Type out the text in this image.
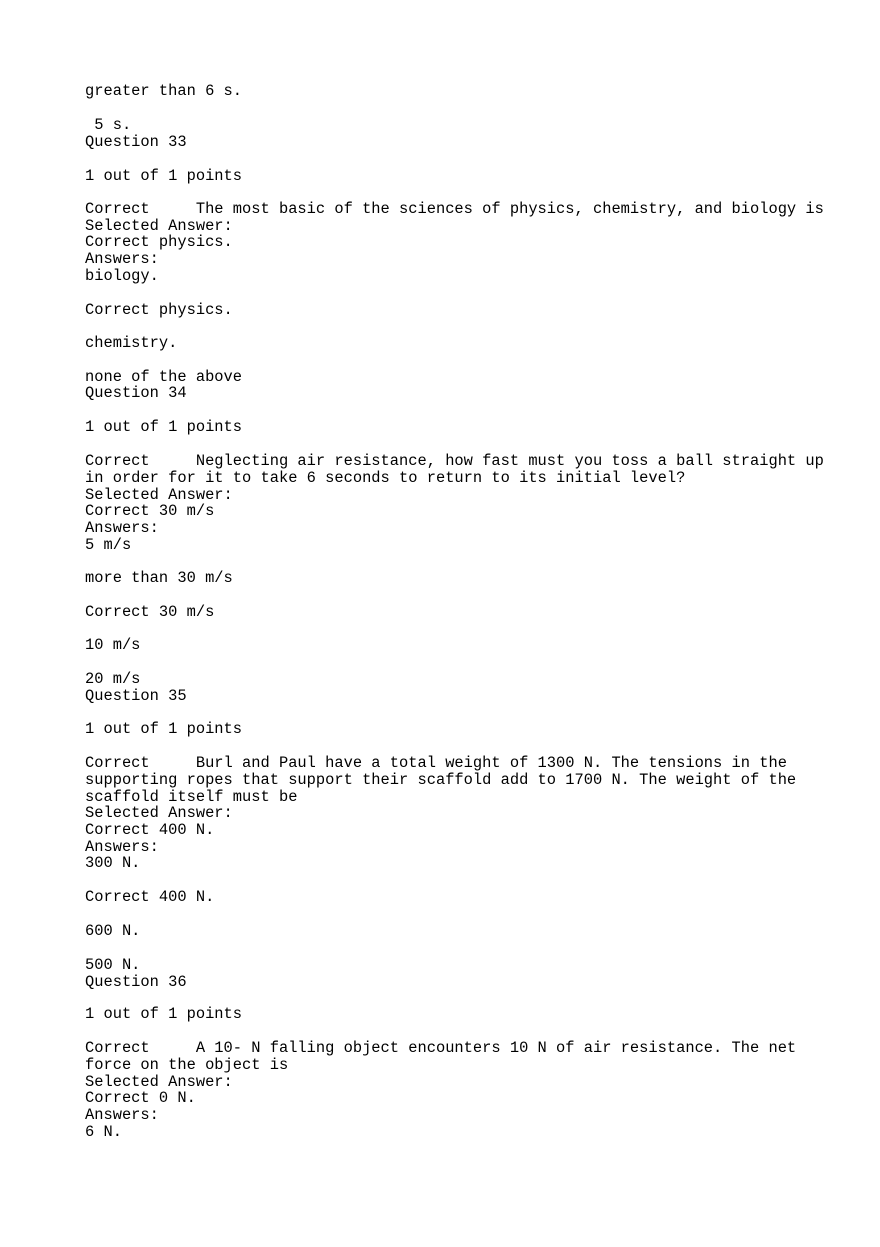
greater than 6 s.
5 s.
Question 33
1 out of 1 points
Correct     The most basic of the sciences of physics, chemistry, and biology is
Selected Answer:
Correct physics.
Answers:
biology.
Correct physics.
chemistry.
none of the above
Question 34
1 out of 1 points
Correct     Neglecting air resistance, how fast must you toss a ball straight up
in order for it to take 6 seconds to return to its initial level?
Selected Answer:
Correct 30 m/s
Answers:
5 m/s
more than 30 m/s
Correct 30 m/s
10 m/s
20 m/s
Question 35
1 out of 1 points
Correct     Burl and Paul have a total weight of 1300 N. The tensions in the
supporting ropes that support their scaffold add to 1700 N. The weight of the
scaffold itself must be
Selected Answer:
Correct 400 N.
Answers:
300 N.
Correct 400 N.
600 N.
500 N.
Question 36
1 out of 1 points
Correct     A 10- N falling object encounters 10 N of air resistance. The net
force on the object is
Selected Answer:
Correct 0 N.
Answers:
6 N.
